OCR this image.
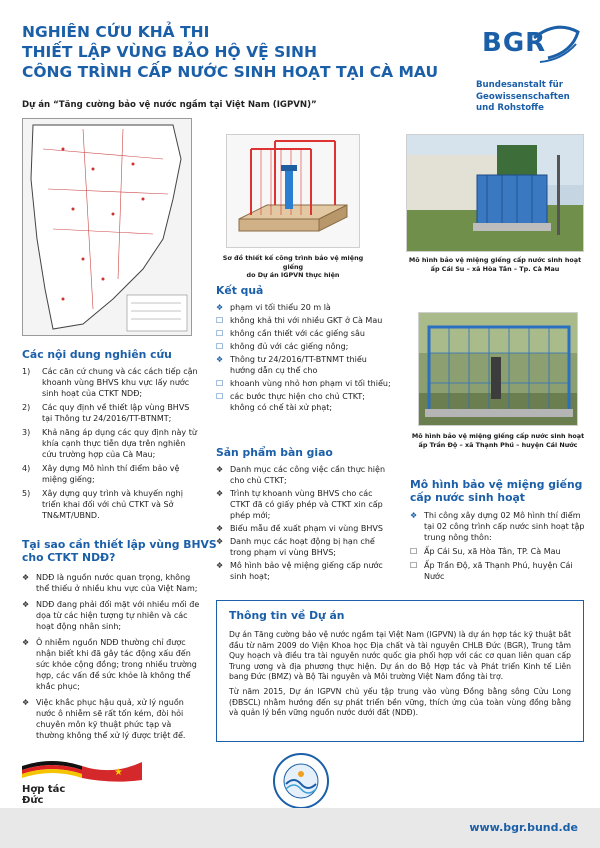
NGHIÊN CỨU KHẢ THI
THIẾT LẬP VÙNG BẢO HỘ VỆ SINH
CÔNG TRÌNH CẤP NƯỚC SINH HOẠT TẠI CÀ MAU
Dự án “Tăng cường bảo vệ nước ngầm tại Việt Nam (IGPVN)”
BGR
Bundesanstalt für
Geowissenschaften
und Rohstoffe
Sơ đồ thiết kế công trình bảo vệ miệng giếng
do Dự án IGPVN thực hiện
Mô hình bảo vệ miệng giếng cấp nước sinh hoạt
ấp Cái Su – xã Hòa Tân – Tp. Cà Mau
Mô hình bảo vệ miệng giếng cấp nước sinh hoạt
ấp Trần Độ – xã Thạnh Phú – huyện Cái Nước
Các nội dung nghiên cứu
1)	Các căn cứ chung và các cách tiếp cận khoanh vùng BHVS khu vực lấy nước sinh hoạt của CTKT NDĐ;
2)	Các quy định về thiết lập vùng BHVS tại Thông tư 24/2016/TT-BTNMT;
3)	Khả năng áp dụng các quy định này từ khía cạnh thực tiễn dựa trên nghiên cứu trường hợp của Cà Mau;
4)	Xây dựng Mô hình thí điểm bảo vệ miệng giếng;
5)	Xây dựng quy trình và khuyến nghị triển khai đối với chủ CTKT và Sở TN&MT/UBND.
Tại sao cần thiết lập vùng BHVS
cho CTKT NDĐ?
❖ NDĐ là nguồn nước quan trọng, không thể thiếu ở nhiều khu vực của Việt Nam;
❖ NDĐ đang phải đối mặt với nhiều mối đe dọa từ các hiện tượng tự nhiên và các hoạt động nhân sinh;
❖ Ô nhiễm nguồn NDĐ thường chỉ được nhận biết khi đã gây tác động xấu đến sức khỏe cộng đồng; trong nhiều trường hợp, các vấn đề sức khỏe là không thể khắc phục;
❖ Việc khắc phục hậu quả, xử lý nguồn nước ô nhiễm sẽ rất tốn kém, đòi hỏi chuyên môn kỹ thuật phức tạp và thường không thể xử lý được triệt để.
Kết quả
❖ phạm vi tối thiểu 20 m là
☐ không khả thi với nhiều GKT ở Cà Mau
☐ không cần thiết với các giếng sâu
☐ không đủ với các giếng nông;
❖ Thông tư 24/2016/TT-BTNMT thiếu hướng dẫn cụ thể cho
☐ khoanh vùng nhỏ hơn phạm vi tối thiểu;
☐ các bước thực hiện cho chủ CTKT; không có chế tài xử phạt;
Sản phẩm bàn giao
❖ Danh mục các công việc cần thực hiện cho chủ CTKT;
❖ Trình tự khoanh vùng BHVS cho các CTKT đã có giấy phép và CTKT xin cấp phép mới;
❖ Biểu mẫu đề xuất phạm vi vùng BHVS
❖ Danh mục các hoạt động bị hạn chế trong phạm vi vùng BHVS;
❖ Mô hình bảo vệ miệng giếng cấp nước sinh hoạt;
Mô hình bảo vệ miệng giếng
cấp nước sinh hoạt
❖ Thi công xây dựng 02 Mô hình thí điểm tại 02 công trình cấp nước sinh hoạt tập trung nông thôn:
☐ Ấp Cái Su, xã Hòa Tân, TP. Cà Mau
☐ Ấp Trần Độ, xã Thạnh Phú, huyện Cái Nước
Thông tin về Dự án
Dự án Tăng cường bảo vệ nước ngầm tại Việt Nam (IGPVN) là dự án hợp tác kỹ thuật bắt đầu từ năm 2009 do Viện Khoa học Địa chất và tài nguyên CHLB Đức (BGR), Trung tâm Quy hoạch và điều tra tài nguyên nước quốc gia phối hợp với các cơ quan liên quan cấp Trung ương và địa phương thực hiện. Dự án do Bộ Hợp tác và Phát triển Kinh tế Liên bang Đức (BMZ) và Bộ Tài nguyên và Môi trường Việt Nam đồng tài trợ.
Từ năm 2015, Dự án IGPVN chủ yếu tập trung vào vùng Đồng bằng sông Cửu Long (ĐBSCL) nhằm hướng đến sự phát triển bền vững, thích ứng của toàn vùng đồng bằng và quản lý bền vững nguồn nước dưới đất (NDĐ).
★
Hợp tác
Đức
www.bgr.bund.de
